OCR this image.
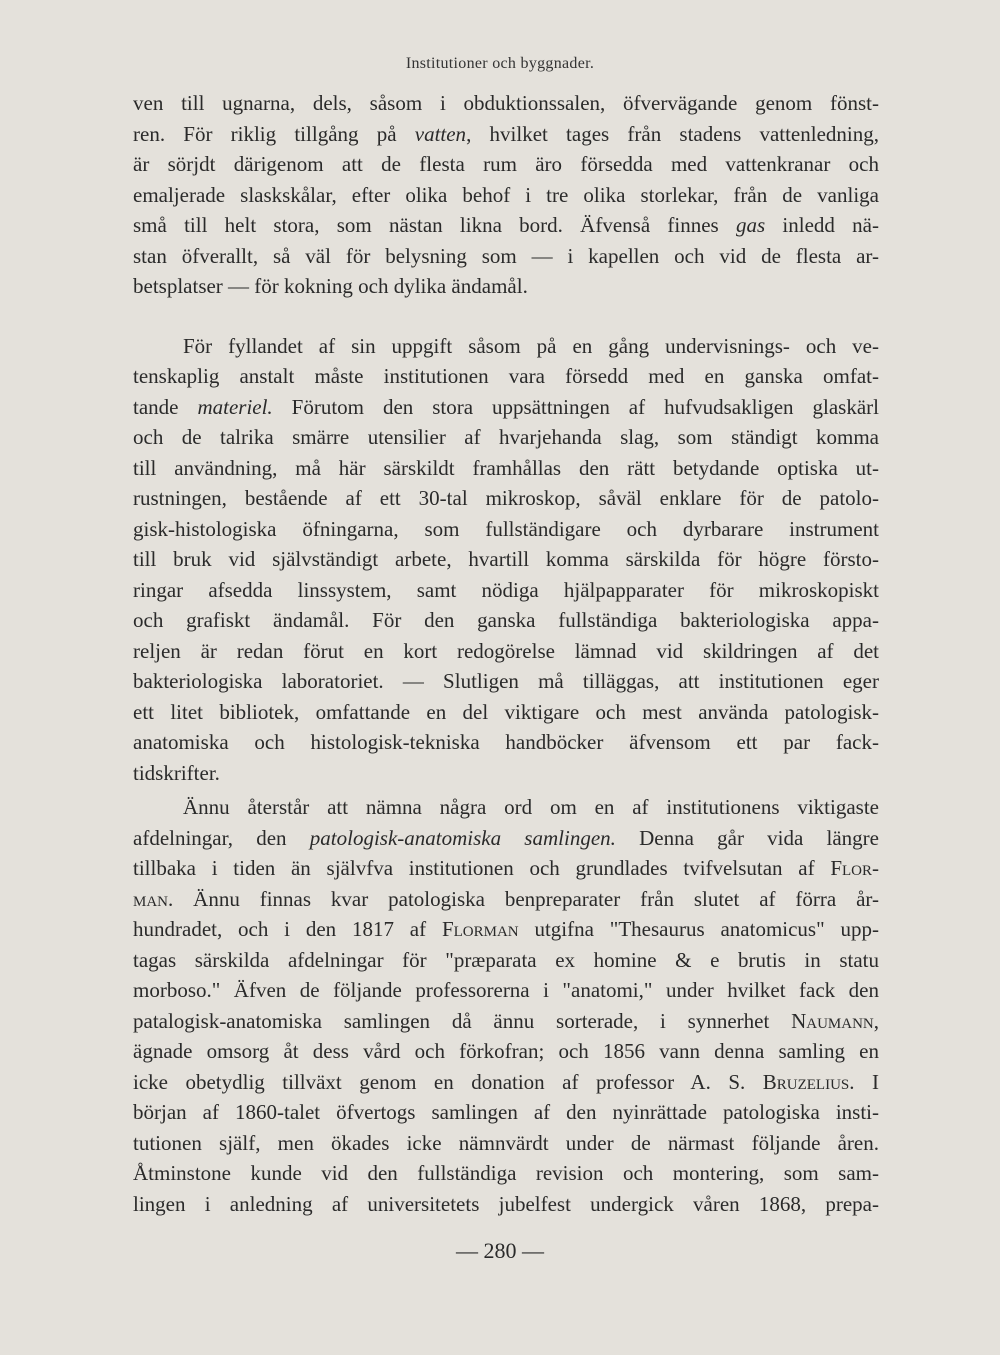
Institutioner och byggnader.
ven till ugnarna, dels, såsom i obduktionssalen, öfvervägande genom fönst-
ren. För riklig tillgång på vatten, hvilket tages från stadens vattenledning,
är sörjdt därigenom att de flesta rum äro försedda med vattenkranar och
emaljerade slaskskålar, efter olika behof i tre olika storlekar, från de vanliga
små till helt stora, som nästan likna bord. Äfvenså finnes gas inledd nä-
stan öfverallt, så väl för belysning som — i kapellen och vid de flesta ar-
betsplatser — för kokning och dylika ändamål.
För fyllandet af sin uppgift såsom på en gång undervisnings- och ve-
tenskaplig anstalt måste institutionen vara försedd med en ganska omfat-
tande materiel. Förutom den stora uppsättningen af hufvudsakligen glaskärl
och de talrika smärre utensilier af hvarjehanda slag, som ständigt komma
till användning, må här särskildt framhållas den rätt betydande optiska ut-
rustningen, bestående af ett 30-tal mikroskop, såväl enklare för de patolo-
gisk-histologiska öfningarna, som fullständigare och dyrbarare instrument
till bruk vid självständigt arbete, hvartill komma särskilda för högre försto-
ringar afsedda linssystem, samt nödiga hjälpapparater för mikroskopiskt
och grafiskt ändamål. För den ganska fullständiga bakteriologiska appa-
reljen är redan förut en kort redogörelse lämnad vid skildringen af det
bakteriologiska laboratoriet. — Slutligen må tilläggas, att institutionen eger
ett litet bibliotek, omfattande en del viktigare och mest använda patologisk-
anatomiska och histologisk-tekniska handböcker äfvensom ett par fack-
tidskrifter.
Ännu återstår att nämna några ord om en af institutionens viktigaste
afdelningar, den patologisk-anatomiska samlingen. Denna går vida längre
tillbaka i tiden än självfva institutionen och grundlades tvifvelsutan af Flor-
man. Ännu finnas kvar patologiska benpreparater från slutet af förra år-
hundradet, och i den 1817 af Florman utgifna "Thesaurus anatomicus" upp-
tagas särskilda afdelningar för "præparata ex homine & e brutis in statu
morboso." Äfven de följande professorerna i "anatomi," under hvilket fack den
patalogisk-anatomiska samlingen då ännu sorterade, i synnerhet Naumann,
ägnade omsorg åt dess vård och förkofran; och 1856 vann denna samling en
icke obetydlig tillväxt genom en donation af professor A. S. Bruzelius. I
början af 1860-talet öfvertogs samlingen af den nyinrättade patologiska insti-
tutionen själf, men ökades icke nämnvärdt under de närmast följande åren.
Åtminstone kunde vid den fullständiga revision och montering, som sam-
lingen i anledning af universitetets jubelfest undergick våren 1868, prepa-
— 280 —
